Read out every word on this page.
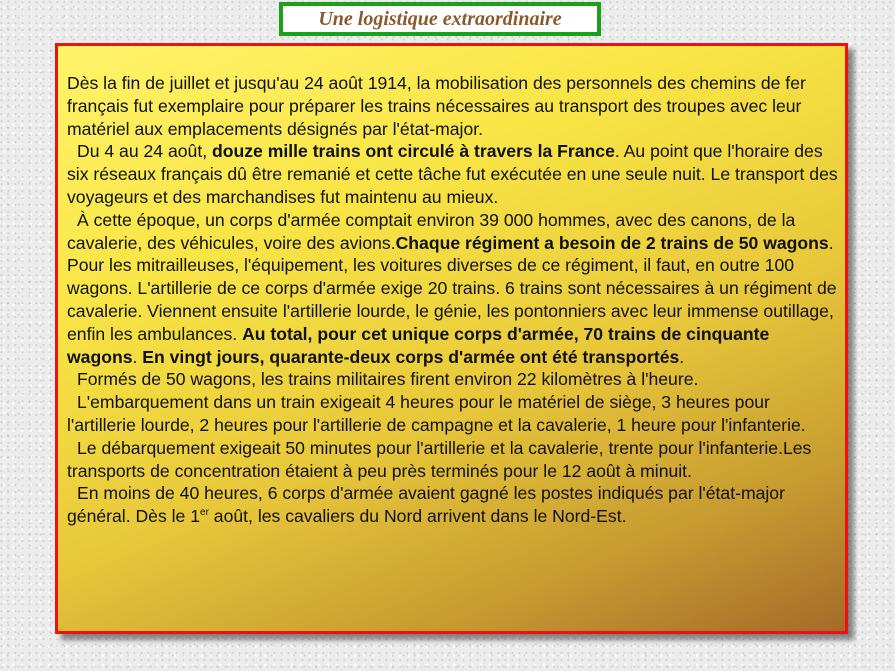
Une logistique extraordinaire

Dès la fin de juillet et jusqu'au 24 août 1914, la mobilisation des personnels des chemins de fer français fut exemplaire pour préparer les trains nécessaires au transport des troupes avec leur matériel aux emplacements désignés par l'état-major.

Du 4 au 24 août, douze mille trains ont circulé à travers la France. Au point que l'horaire des six réseaux français dû être remanié et cette tâche fut exécutée en une seule nuit. Le transport des voyageurs et des marchandises fut maintenu au mieux.

À cette époque, un corps d'armée comptait environ 39 000 hommes, avec des canons, de la cavalerie, des véhicules, voire des avions.Chaque régiment a besoin de 2 trains de 50 wagons. Pour les mitrailleuses, l'équipement, les voitures diverses de ce régiment, il faut, en outre 100 wagons. L'artillerie de ce corps d'armée exige 20 trains. 6 trains sont nécessaires à un régiment de cavalerie. Viennent ensuite l'artillerie lourde, le génie, les pontonniers avec leur immense outillage, enfin les ambulances. Au total, pour cet unique corps d'armée, 70 trains de cinquante wagons. En vingt jours, quarante-deux corps d'armée ont été transportés.

Formés de 50 wagons, les trains militaires firent environ 22 kilomètres à l'heure.

L'embarquement dans un train exigeait 4 heures pour le matériel de siège, 3 heures pour l'artillerie lourde, 2 heures pour l'artillerie de campagne et la cavalerie, 1 heure pour l'infanterie.

Le débarquement exigeait 50 minutes pour l'artillerie et la cavalerie, trente pour l'infanterie.Les transports de concentration étaient à peu près terminés pour le 12 août à minuit.

En moins de 40 heures, 6 corps d'armée avaient gagné les postes indiqués par l'état-major général. Dès le 1er août, les cavaliers du Nord arrivent dans le Nord-Est.
